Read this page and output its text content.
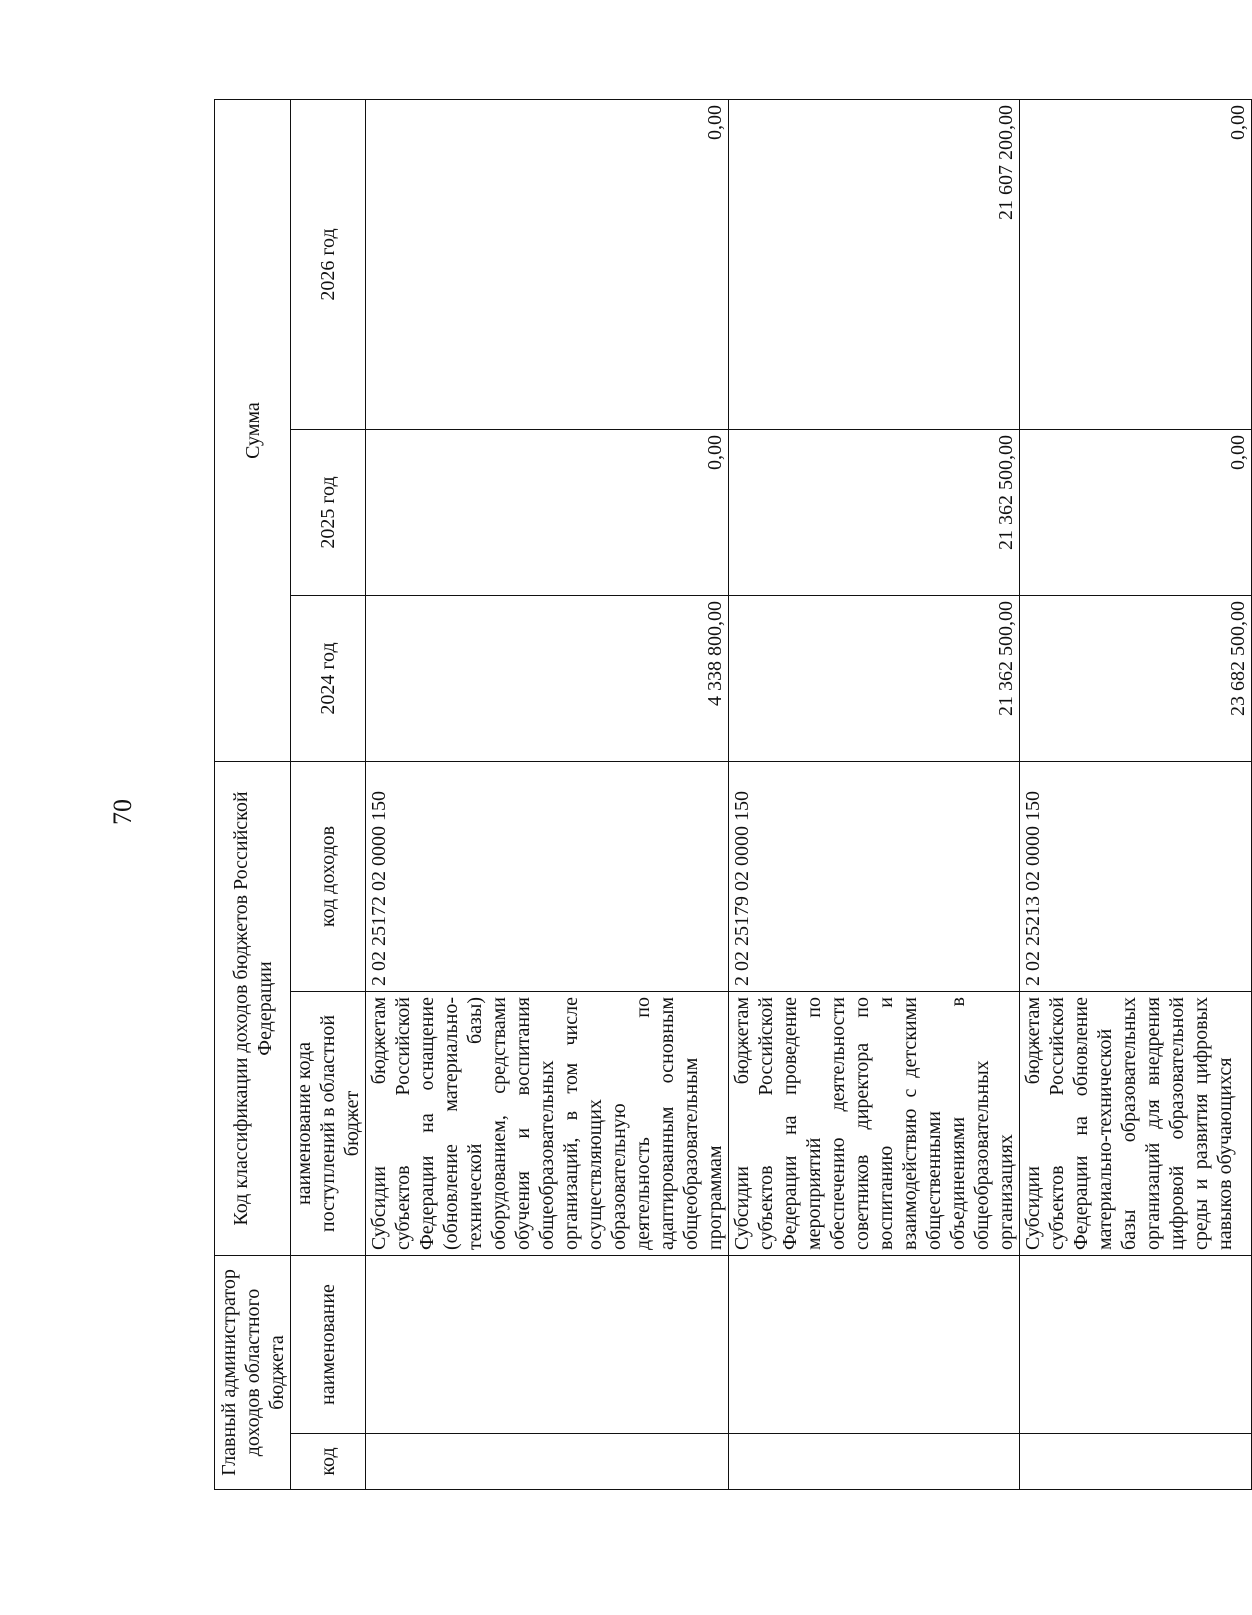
70
Главный администратор доходов областного бюджета		Код классификации доходов бюджетов Российской Федерации		Сумма		
код	наименование	наименование кода поступлений в областной бюджет	код доходов	2024 год	2025 год	2026 год
		Субсидии бюджетам субъектов Российской Федерации на оснащение (обновление материально-технической базы) оборудованием, средствами обучения и воспитания общеобразовательных организаций, в том числе осуществляющих образовательную деятельность по адаптированным основным общеобразовательным программам	2 02 25172 02 0000 150	4 338 800,00	0,00	0,00
		Субсидии бюджетам субъектов Российской Федерации на проведение мероприятий по обеспечению деятельности советников директора по воспитанию и взаимодействию с детскими общественными объединениями в общеобразовательных организациях	2 02 25179 02 0000 150	21 362 500,00	21 362 500,00	21 607 200,00
		Субсидии бюджетам субъектов Российской Федерации на обновление материально-технической базы образовательных организаций для внедрения цифровой образовательной среды и развития цифровых навыков обучающихся	2 02 25213 02 0000 150	23 682 500,00	0,00	0,00
